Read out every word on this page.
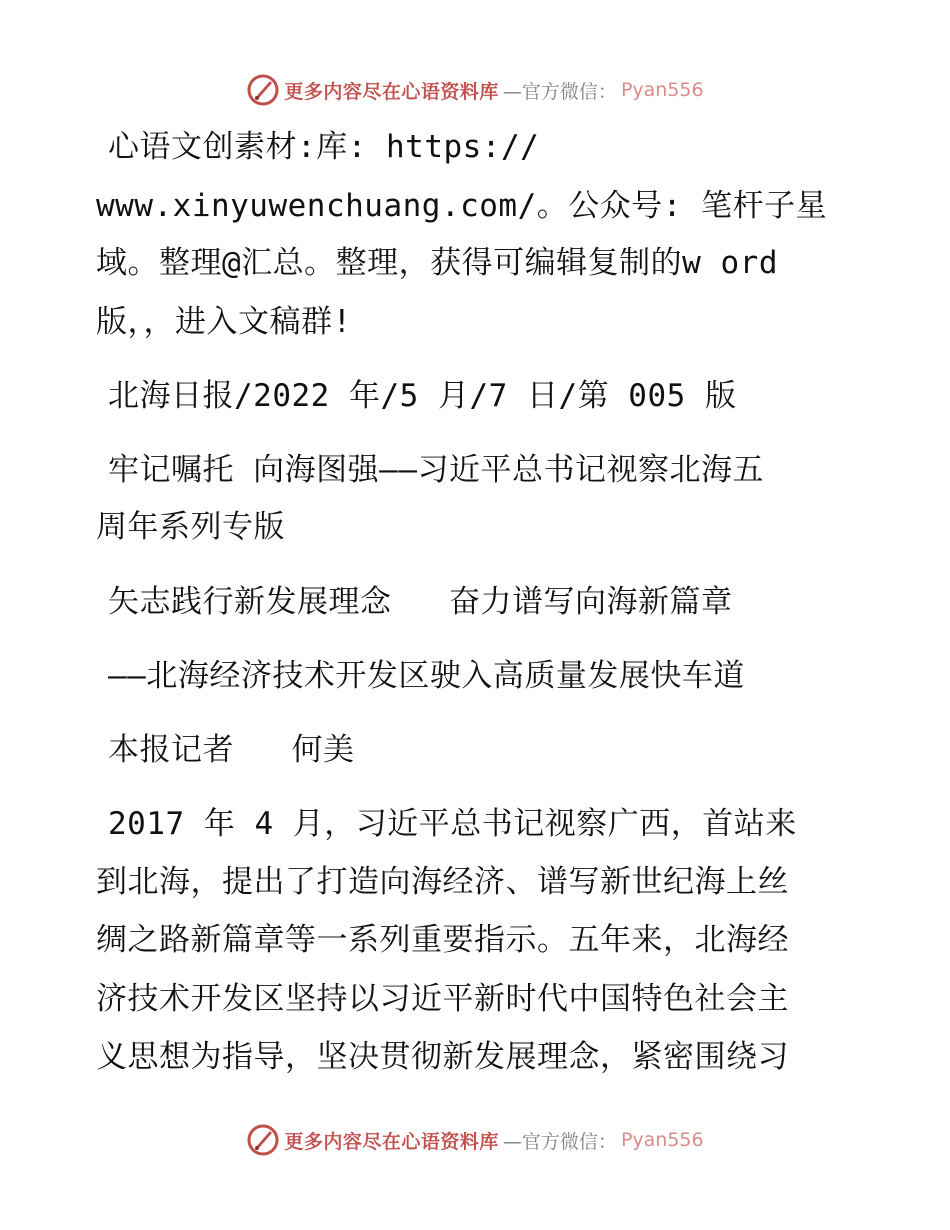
更多内容尽在心语资料库 —官方微信： Pyan556
心语文创素材:库: https://
www.xinyuwenchuang.com/。公众号: 笔杆子星
域。整理@汇总。整理，获得可编辑复制的w ord
版，，进入文稿群!
北海日报/2022 年/5 月/7 日/第 005 版
牢记嘱托 向海图强——习近平总书记视察北海五
周年系列专版
矢志践行新发展理念   奋力谱写向海新篇章
——北海经济技术开发区驶入高质量发展快车道
本报记者   何美
2017 年 4 月，习近平总书记视察广西，首站来
到北海，提出了打造向海经济、谱写新世纪海上丝
绸之路新篇章等一系列重要指示。五年来，北海经
济技术开发区坚持以习近平新时代中国特色社会主
义思想为指导，坚决贯彻新发展理念，紧密围绕习
更多内容尽在心语资料库 —官方微信： Pyan556
